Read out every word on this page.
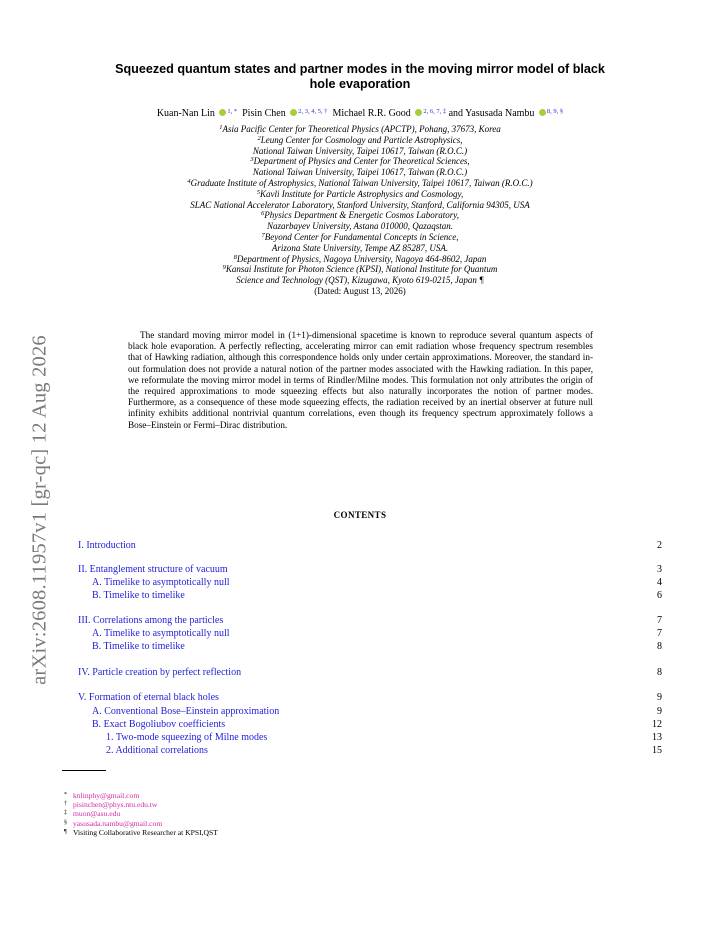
arXiv:2608.11957v1 [gr-qc] 12 Aug 2026
Squeezed quantum states and partner modes in the moving mirror model of black
hole evaporation
Kuan-Nan Lin $^{1, *}$ Pisin Chen $^{2, 3, 4, 5, \dagger}$ Michael R.R. Good $^{2, 6, 7, \ddagger}$ and Yasusada Nambu $^{8, 9, \S}$
$^1$Asia Pacific Center for Theoretical Physics (APCTP), Pohang, 37673, Korea
$^2$Leung Center for Cosmology and Particle Astrophysics,
National Taiwan University, Taipei 10617, Taiwan (R.O.C.)
$^3$Department of Physics and Center for Theoretical Sciences,
National Taiwan University, Taipei 10617, Taiwan (R.O.C.)
$^4$Graduate Institute of Astrophysics, National Taiwan University, Taipei 10617, Taiwan (R.O.C.)
$^5$Kavli Institute for Particle Astrophysics and Cosmology,
SLAC National Accelerator Laboratory, Stanford University, Stanford, California 94305, USA
$^6$Physics Department & Energetic Cosmos Laboratory,
Nazarbayev University, Astana 010000, Qazaqstan.
$^7$Beyond Center for Fundamental Concepts in Science,
Arizona State University, Tempe AZ 85287, USA.
$^8$Department of Physics, Nagoya University, Nagoya 464-8602, Japan
$^9$Kansai Institute for Photon Science (KPSI), National Institute for Quantum
Science and Technology (QST), Kizugawa, Kyoto 619-0215, Japan ¶
(Dated: August 13, 2026)
The standard moving mirror model in (1+1)-dimensional spacetime is known to reproduce several quantum aspects of black hole evaporation. A perfectly reflecting, accelerating mirror can emit radiation whose frequency spectrum resembles that of Hawking radiation, although this correspondence holds only under certain approximations. Moreover, the standard in-out formulation does not provide a natural notion of the partner modes associated with the Hawking radiation. In this paper, we reformulate the moving mirror model in terms of Rindler/Milne modes. This formulation not only attributes the origin of the required approximations to mode squeezing effects but also naturally incorporates the notion of partner modes. Furthermore, as a consequence of these mode squeezing effects, the radiation received by an inertial observer at future null infinity exhibits additional nontrivial quantum correlations, even though its frequency spectrum approximately follows a Bose–Einstein or Fermi–Dirac distribution.
CONTENTS
I. Introduction	2
II. Entanglement structure of vacuum	3
A. Timelike to asymptotically null	4
B. Timelike to timelike	6
III. Correlations among the particles	7
A. Timelike to asymptotically null	7
B. Timelike to timelike	8
IV. Particle creation by perfect reflection	8
V. Formation of eternal black holes	9
A. Conventional Bose–Einstein approximation	9
B. Exact Bogoliubov coefficients	12
1. Two-mode squeezing of Milne modes	13
2. Additional correlations	15
* knlinphy@gmail.com
† pisinchen@phys.ntu.edu.tw
‡ muon@asu.edu
§ yasusada.nambu@gmail.com
¶ Visiting Collaborative Researcher at KPSI,QST
